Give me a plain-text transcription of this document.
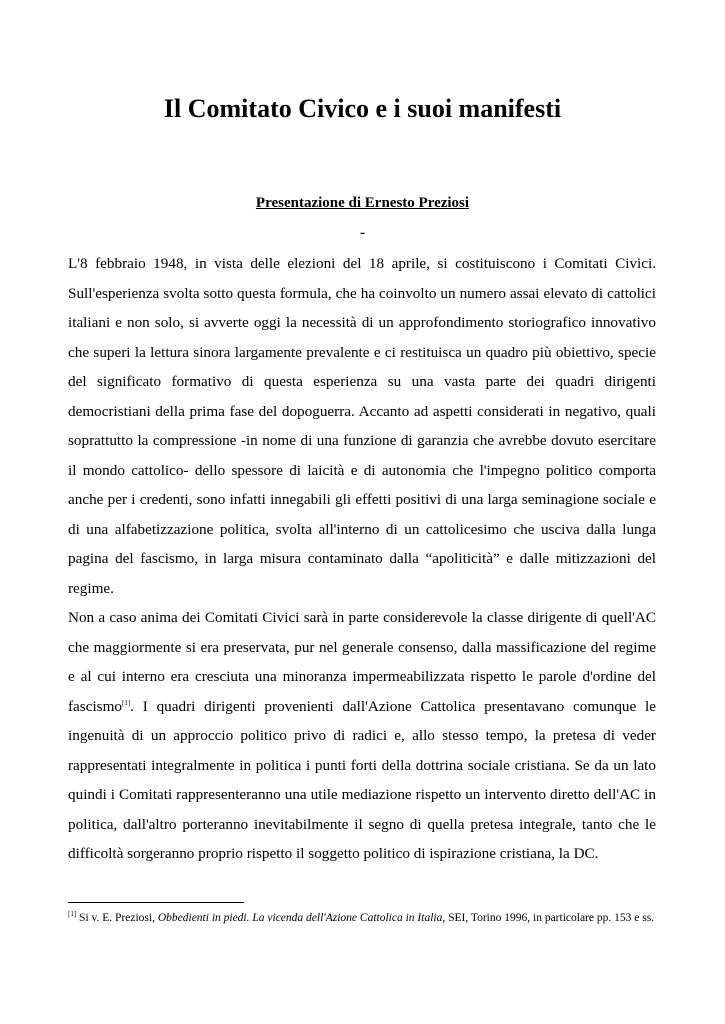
Il Comitato Civico e i suoi manifesti
Presentazione di Ernesto Preziosi
-

L'8 febbraio 1948, in vista delle elezioni del 18 aprile, si costituiscono i Comitati Civici. Sull'esperienza svolta sotto questa formula, che ha coinvolto un numero assai elevato di cattolici italiani e non solo, si avverte oggi la necessità di un approfondimento storiografico innovativo che superi la lettura sinora largamente prevalente e ci restituisca un quadro più obiettivo, specie del significato formativo di questa esperienza su una vasta parte dei quadri dirigenti democristiani della prima fase del dopoguerra. Accanto ad aspetti considerati in negativo, quali soprattutto la compressione -in nome di una funzione di garanzia che avrebbe dovuto esercitare il mondo cattolico- dello spessore di laicità e di autonomia che l'impegno politico comporta anche per i credenti, sono infatti innegabili gli effetti positivi di una larga seminagione sociale e di una alfabetizzazione politica, svolta all'interno di un cattolicesimo che usciva dalla lunga pagina del fascismo, in larga misura contaminato dalla “apoliticità” e dalle mitizzazioni del regime.

Non a caso anima dei Comitati Civici sarà in parte considerevole la classe dirigente di quell'AC che maggiormente si era preservata, pur nel generale consenso, dalla massificazione del regime e al cui interno era cresciuta una minoranza impermeabilizzata rispetto le parole d'ordine del fascismo[1]. I quadri dirigenti provenienti dall'Azione Cattolica presentavano comunque le ingenuità di un approccio politico privo di radici e, allo stesso tempo, la pretesa di veder rappresentati integralmente in politica i punti forti della dottrina sociale cristiana. Se da un lato quindi i Comitati rappresenteranno una utile mediazione rispetto un intervento diretto dell'AC in politica, dall'altro porteranno inevitabilmente il segno di quella pretesa integrale, tanto che le difficoltà sorgeranno proprio rispetto il soggetto politico di ispirazione cristiana, la DC.

[1] Si v. E. Preziosi, Obbedienti in piedi. La vicenda dell'Azione Cattolica in Italia, SEI, Torino 1996, in particolare pp. 153 e ss.
